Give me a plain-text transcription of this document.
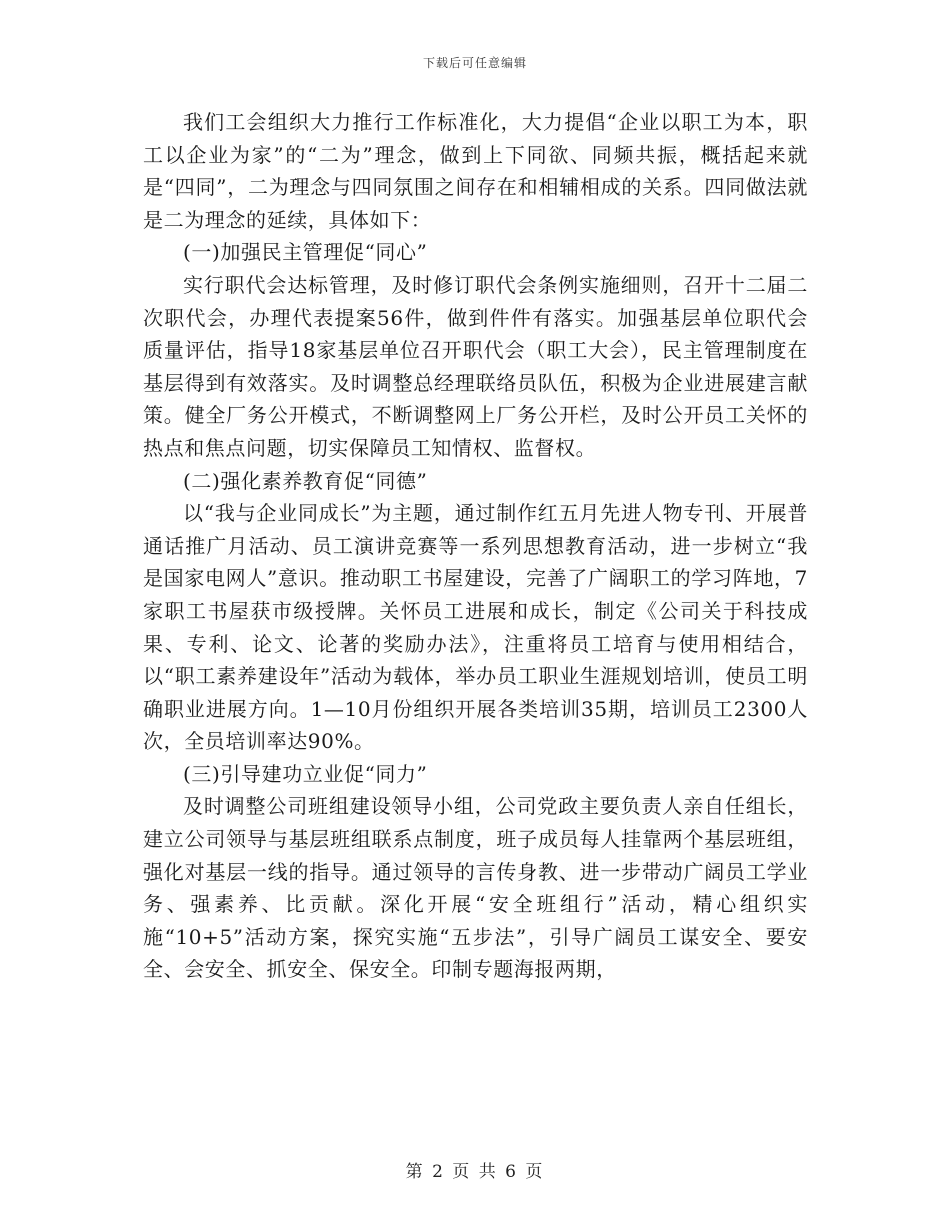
下载后可任意编辑

我们工会组织大力推行工作标准化，大力提倡“企业以职工为本，职工以企业为家”的“二为”理念，做到上下同欲、同频共振，概括起来就是“四同”，二为理念与四同氛围之间存在和相辅相成的关系。四同做法就是二为理念的延续，具体如下：

(一)加强民主管理促“同心”

实行职代会达标管理，及时修订职代会条例实施细则，召开十二届二次职代会，办理代表提案56件，做到件件有落实。加强基层单位职代会质量评估，指导18家基层单位召开职代会（职工大会），民主管理制度在基层得到有效落实。及时调整总经理联络员队伍，积极为企业进展建言献策。健全厂务公开模式，不断调整网上厂务公开栏，及时公开员工关怀的热点和焦点问题，切实保障员工知情权、监督权。

(二)强化素养教育促“同德”

以“我与企业同成长”为主题，通过制作红五月先进人物专刊、开展普通话推广月活动、员工演讲竞赛等一系列思想教育活动，进一步树立“我是国家电网人”意识。推动职工书屋建设，完善了广阔职工的学习阵地，7家职工书屋获市级授牌。关怀员工进展和成长，制定《公司关于科技成果、专利、论文、论著的奖励办法》，注重将员工培育与使用相结合，以“职工素养建设年”活动为载体，举办员工职业生涯规划培训，使员工明确职业进展方向。1—10月份组织开展各类培训35期，培训员工2300人次，全员培训率达90%。

(三)引导建功立业促“同力”

及时调整公司班组建设领导小组，公司党政主要负责人亲自任组长，建立公司领导与基层班组联系点制度，班子成员每人挂靠两个基层班组，强化对基层一线的指导。通过领导的言传身教、进一步带动广阔员工学业务、强素养、比贡献。深化开展“安全班组行”活动，精心组织实施“10+5”活动方案，探究实施“五步法”，引导广阔员工谋安全、要安全、会安全、抓安全、保安全。印制专题海报两期，

第 2 页 共 6 页
